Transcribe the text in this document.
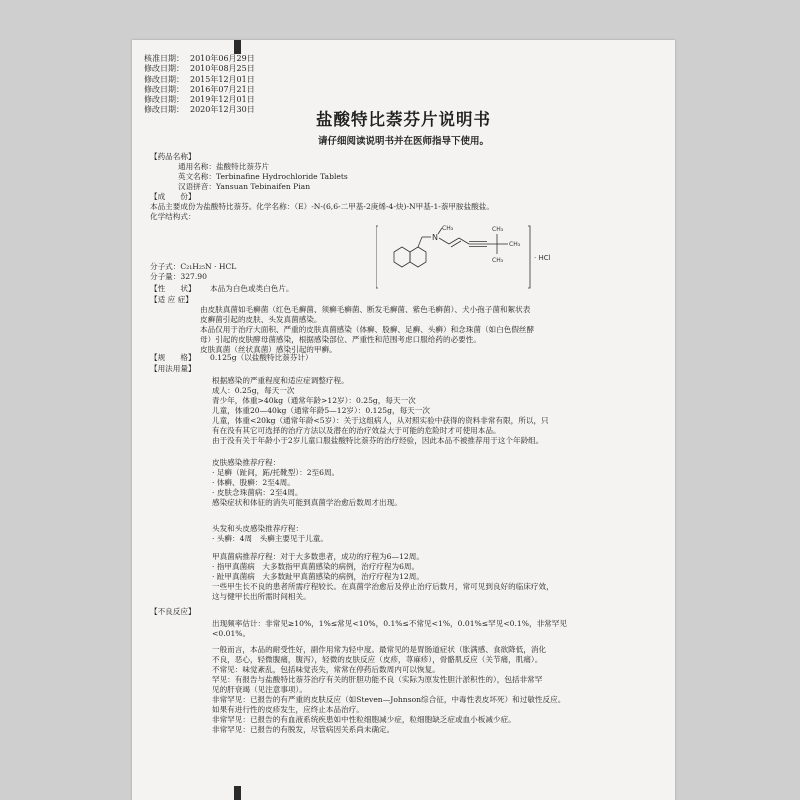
核准日期： 2010年06月29日
修改日期： 2010年08月25日
修改日期： 2015年12月01日
修改日期： 2016年07月21日
修改日期： 2019年12月01日
修改日期： 2020年12月30日
盐酸特比萘芬片说明书
请仔细阅读说明书并在医师指导下使用。
【药品名称】
通用名称：盐酸特比萘芬片
英文名称：Terbinafine Hydrochloride Tablets
汉语拼音：Yansuan Tebinaifen Pian
【成　　份】
本品主要成份为盐酸特比萘芬。化学名称：（E）-N-(6,6-二甲基-2庚烯-4-炔)-N甲基-1-萘甲胺盐酸盐。
化学结构式：
N
CH₃	CH₃
CH₃
CH₃	· HCl
分子式：C₂₁H₂₅N · HCL
分子量：327.90
【性　　状】 本品为白色或类白色片。
【适 应 症】
由皮肤真菌如毛癣菌（红色毛癣菌、须癣毛癣菌、断发毛癣菌、紫色毛癣菌）、犬小孢子菌和絮状表
皮癣菌引起的皮肤、头发真菌感染。
本品仅用于治疗大面积、严重的皮肤真菌感染（体癣、股癣、足癣、头癣）和念珠菌（如白色假丝酵
母）引起的皮肤酵母菌感染，根据感染部位、严重性和范围考虑口服给药的必要性。
皮肤真菌（丝状真菌）感染引起的甲癣。
【规　　格】 0.125g（以盐酸特比萘芬计）
【用法用量】
根据感染的严重程度和适应症调整疗程。
成人：0.25g，每天一次
青少年，体重>40kg（通常年龄>12岁）：0.25g，每天一次
儿童，体重20—40kg（通常年龄5—12岁）：0.125g，每天一次
儿童，体重<20kg（通常年龄<5岁）：关于这组病人，从对照实验中获得的资料非常有限，所以，只
有在没有其它可选择的治疗方法以及潜在的治疗效益大于可能的危险时才可使用本品。
由于没有关于年龄小于2岁儿童口服盐酸特比萘芬的治疗经验，因此本品不被推荐用于这个年龄组。
皮肤感染推荐疗程：
· 足癣（趾间，跖/托靴型）：2至6周。
· 体癣、股癣：2至4周。
· 皮肤念珠菌病：2至4周。
感染症状和体征的消失可能到真菌学治愈后数周才出现。
头发和头皮感染推荐疗程：
· 头癣：4周　头癣主要见于儿童。
甲真菌病推荐疗程：对于大多数患者，成功的疗程为6—12周。
· 指甲真菌病　大多数指甲真菌感染的病例，治疗疗程为6周。
· 趾甲真菌病　大多数趾甲真菌感染的病例，治疗疗程为12周。
一些甲生长不良的患者所需疗程较长。在真菌学治愈后及停止治疗后数月，常可见到良好的临床疗效，
这与健甲长出所需时间相关。
【不良反应】
出现频率估计：非常见≥10%，1%≤常见<10%，0.1%≤不常见<1%，0.01%≤罕见<0.1%，非常罕见
<0.01%。
一般而言，本品的耐受性好，副作用常为轻中度。最常见的是胃肠道症状（胀满感、食欲降低，消化
不良，恶心，轻微腹痛，腹泻），轻微的皮肤反应（皮疹，荨麻疹），骨骼肌反应（关节痛，肌痛）。
不常见：味觉紊乱，包括味觉丧失，常常在停药后数周内可以恢复。
罕见：有报告与盐酸特比萘芬治疗有关的肝胆功能不良（实际为原发性胆汁淤积性的），包括非常罕
见的肝衰竭（见注意事项）。
非常罕见：已报告的有严重的皮肤反应（如Steven—Johnson综合征，中毒性表皮坏死）和过敏性反应。
如果有进行性的皮疹发生，应终止本品治疗。
非常罕见：已报告的有血液系统疾患如中性粒细胞减少症，粒细胞缺乏症或血小板减少症。
非常罕见：已报告的有脱发，尽管病因关系尚未确定。
